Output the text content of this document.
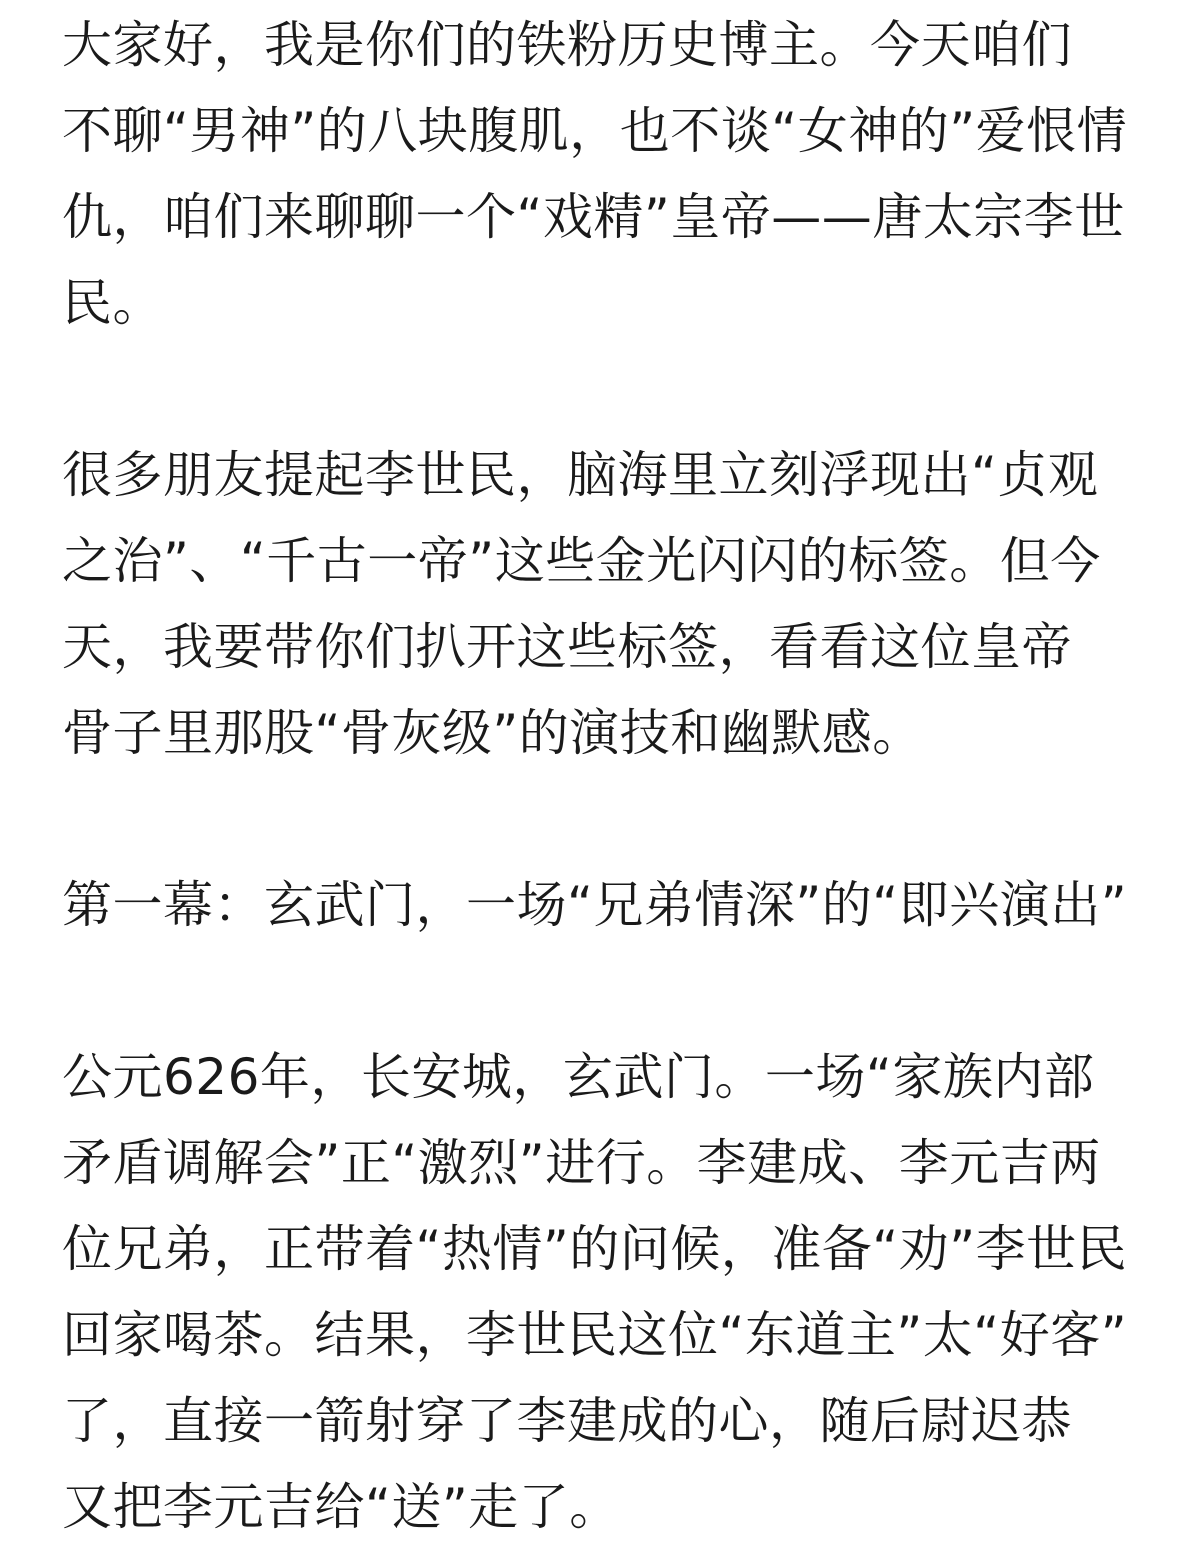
大家好，我是你们的铁粉历史博主。今天咱们
不聊“男神”的八块腹肌，也不谈“女神的”爱恨情
仇，咱们来聊聊一个“戏精”皇帝——唐太宗李世
民。
很多朋友提起李世民，脑海里立刻浮现出“贞观
之治”、“千古一帝”这些金光闪闪的标签。但今
天，我要带你们扒开这些标签，看看这位皇帝
骨子里那股“骨灰级”的演技和幽默感。
第一幕：玄武门，一场“兄弟情深”的“即兴演出”
公元626年，长安城，玄武门。一场“家族内部
矛盾调解会”正“激烈”进行。李建成、李元吉两
位兄弟，正带着“热情”的问候，准备“劝”李世民
回家喝茶。结果，李世民这位“东道主”太“好客”
了，直接一箭射穿了李建成的心，随后尉迟恭
又把李元吉给“送”走了。
